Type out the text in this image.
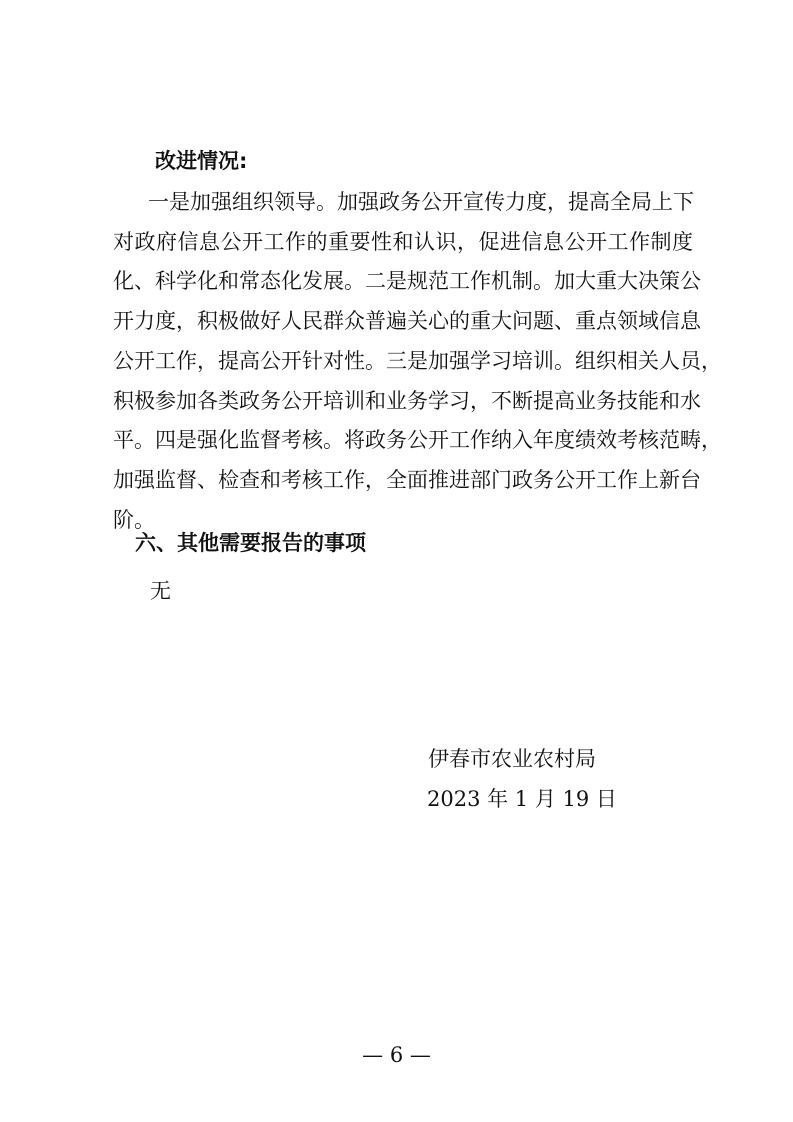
改进情况:
一是加强组织领导。加强政务公开宣传力度，提高全局上下
对政府信息公开工作的重要性和认识，促进信息公开工作制度
化、科学化和常态化发展。二是规范工作机制。加大重大决策公
开力度，积极做好人民群众普遍关心的重大问题、重点领域信息
公开工作，提高公开针对性。三是加强学习培训。组织相关人员，
积极参加各类政务公开培训和业务学习，不断提高业务技能和水
平。四是强化监督考核。将政务公开工作纳入年度绩效考核范畴，
加强监督、检查和考核工作，全面推进部门政务公开工作上新台
阶。
六、其他需要报告的事项
无
伊春市农业农村局
2023 年 1 月 19 日
— 6 —
